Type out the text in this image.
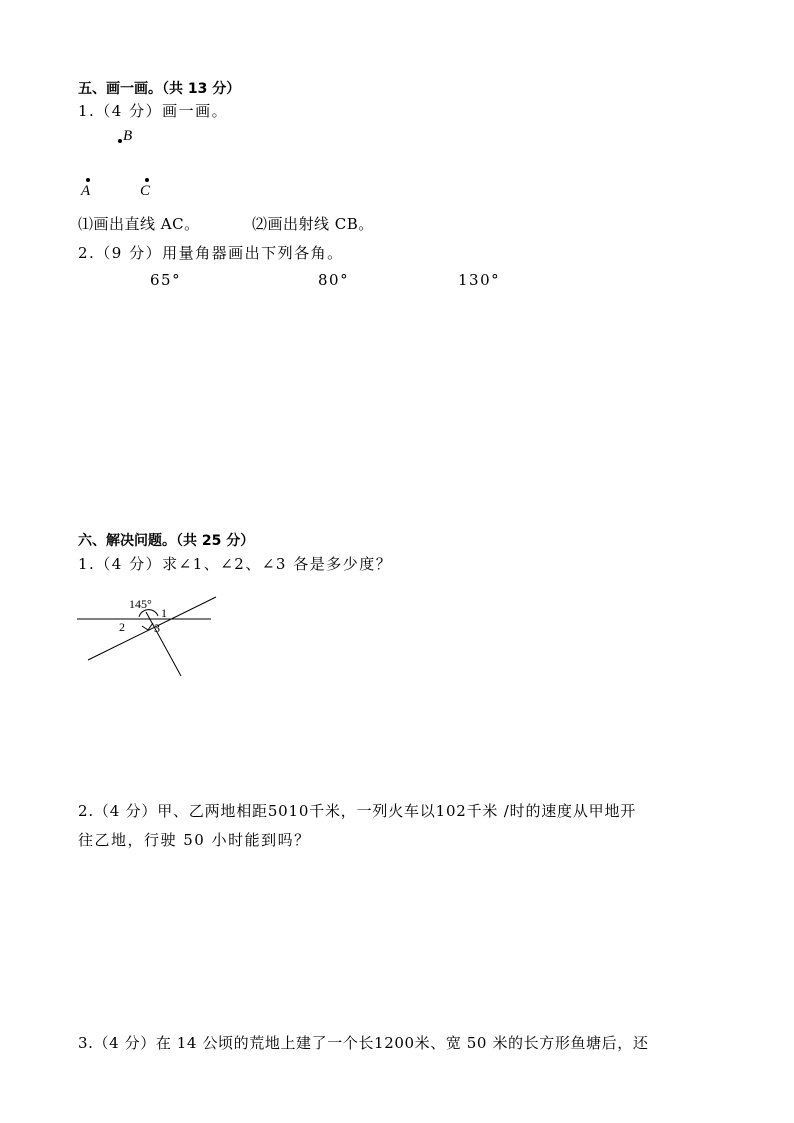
五、画一画。（共 13 分）
1.（4 分）画一画。
B
A	C
⑴画出直线 AC。	⑵画出射线 CB。
2.（9 分）用量角器画出下列各角。
65°	80°	130°
六、解决问题。（共 25 分）
1.（4 分）求∠1、∠2、∠3 各是多少度？
145°
1
2 3
2.（4 分）甲、乙两地相距5010千米，一列火车以102千米 /时的速度从甲地开
往乙地，行驶 50 小时能到吗？
3.（4 分）在 14 公顷的荒地上建了一个长1200米、宽 50 米的长方形鱼塘后，还
